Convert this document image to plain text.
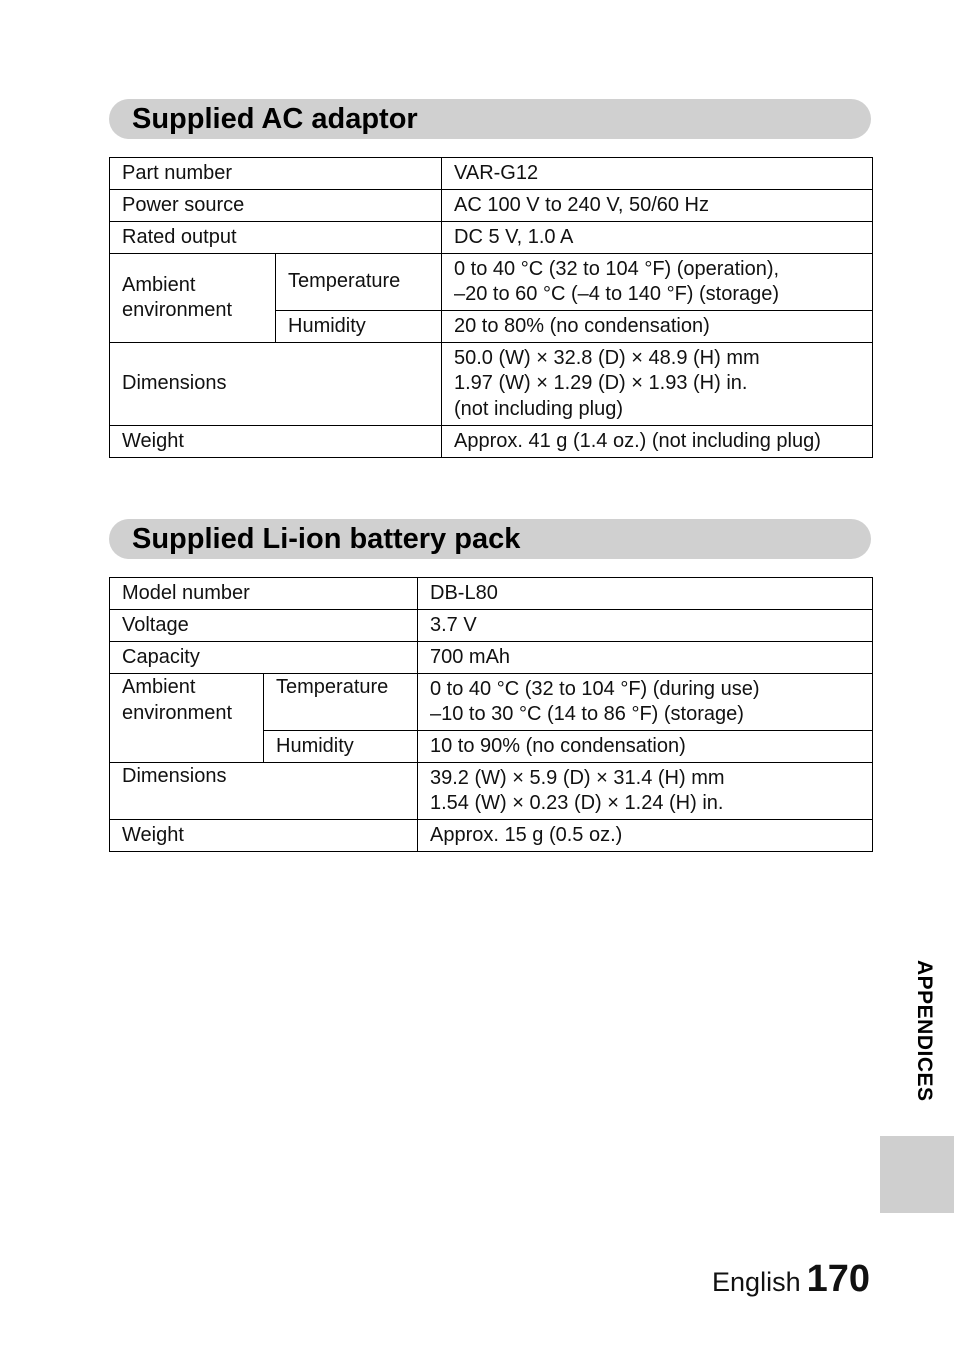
Supplied AC adaptor
Part number		VAR-G12
Power source		AC 100 V to 240 V, 50/60 Hz
Rated output		DC 5 V, 1.0 A

Ambient
environment	Temperature	0 to 40 °C (32 to 104 °F) (operation),
–20 to 60 °C (–4 to 140 °F) (storage)

	Humidity	20 to 80% (no condensation)
Dimensions		50.0 (W) × 32.8 (D) × 48.9 (H) mm
1.97 (W) × 1.29 (D) × 1.93 (H) in.
(not including plug)

Weight		Approx. 41 g (1.4 oz.) (not including plug)
Supplied Li-ion battery pack
Model number		DB-L80
Voltage		3.7 V
Capacity		700 mAh

Ambient
environment	Temperature	0 to 40 °C (32 to 104 °F) (during use)
–10 to 30 °C (14 to 86 °F) (storage)

	Humidity	10 to 90% (no condensation)
Dimensions		39.2 (W) × 5.9 (D) × 31.4 (H) mm
1.54 (W) × 0.23 (D) × 1.24 (H) in.

Weight		Approx. 15 g (0.5 oz.)
APPENDICES
English 170
